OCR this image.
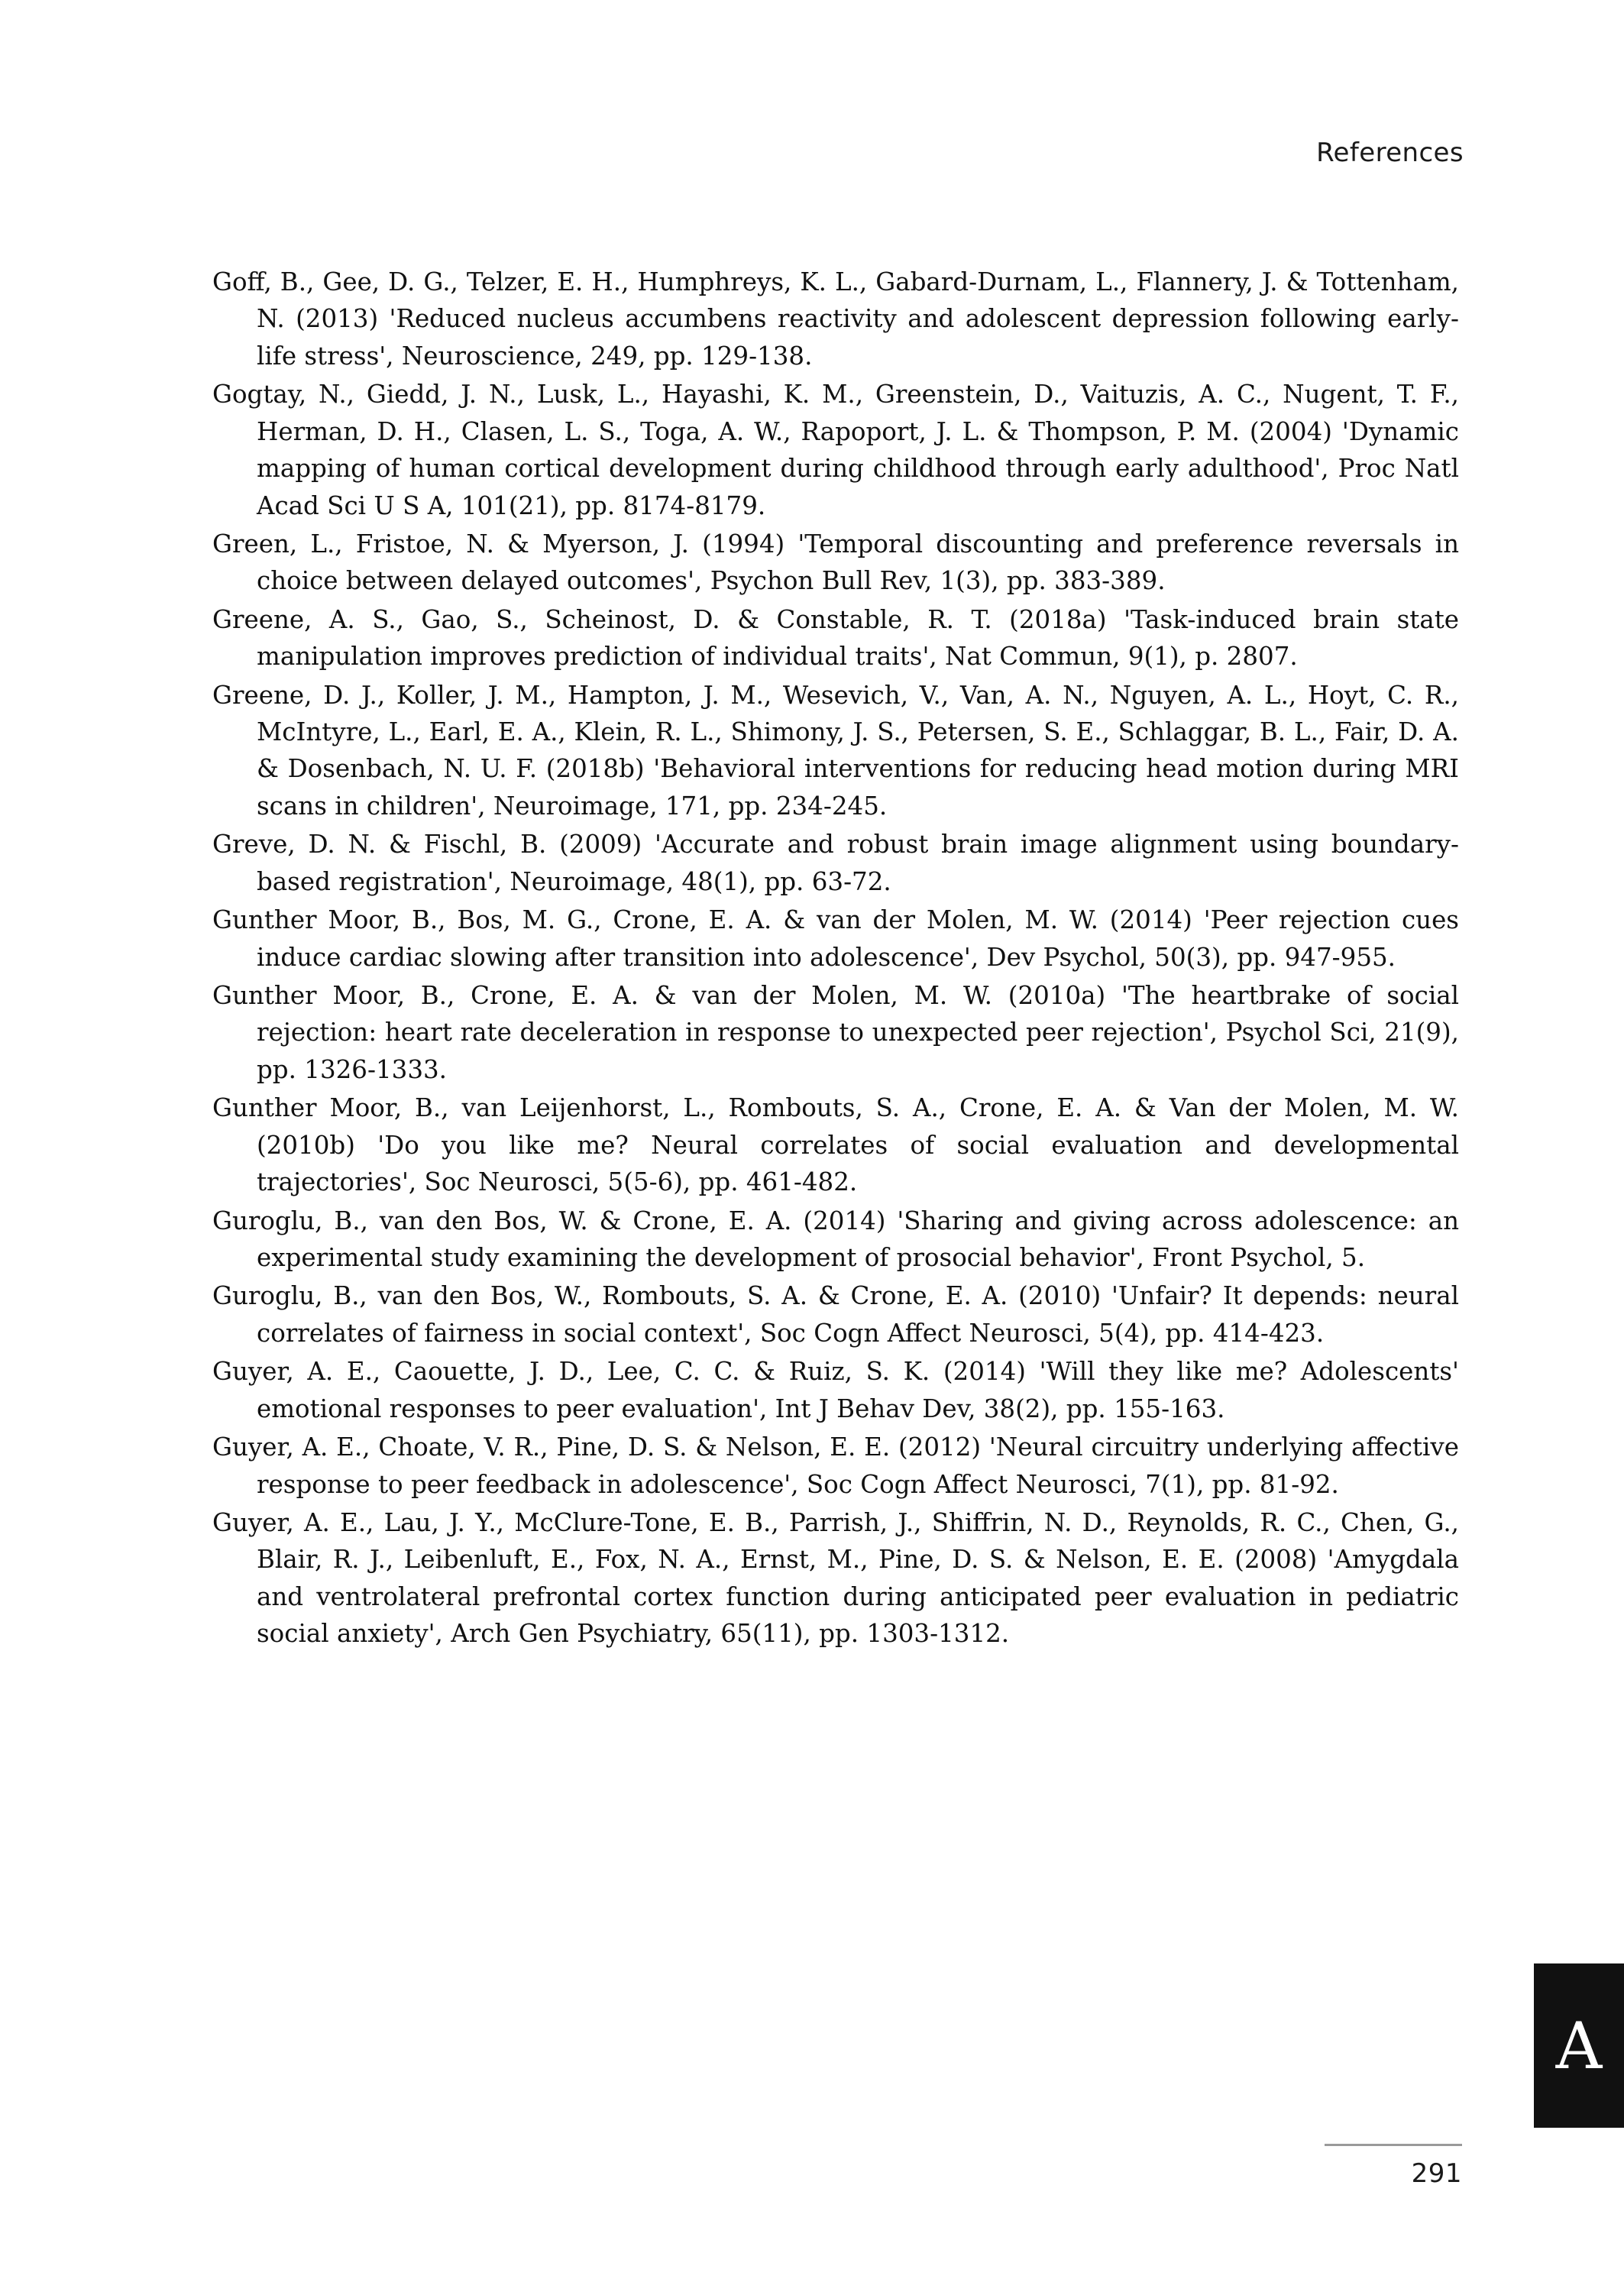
References

Goff, B., Gee, D. G., Telzer, E. H., Humphreys, K. L., Gabard-Durnam, L., Flannery, J. & Tottenham, N. (2013) 'Reduced nucleus accumbens reactivity and adolescent depression following early-life stress', Neuroscience, 249, pp. 129-138.

Gogtay, N., Giedd, J. N., Lusk, L., Hayashi, K. M., Greenstein, D., Vaituzis, A. C., Nugent, T. F., Herman, D. H., Clasen, L. S., Toga, A. W., Rapoport, J. L. & Thompson, P. M. (2004) 'Dynamic mapping of human cortical development during childhood through early adulthood', Proc Natl Acad Sci U S A, 101(21), pp. 8174-8179.

Green, L., Fristoe, N. & Myerson, J. (1994) 'Temporal discounting and preference reversals in choice between delayed outcomes', Psychon Bull Rev, 1(3), pp. 383-389.

Greene, A. S., Gao, S., Scheinost, D. & Constable, R. T. (2018a) 'Task-induced brain state manipulation improves prediction of individual traits', Nat Commun, 9(1), p. 2807.

Greene, D. J., Koller, J. M., Hampton, J. M., Wesevich, V., Van, A. N., Nguyen, A. L., Hoyt, C. R., McIntyre, L., Earl, E. A., Klein, R. L., Shimony, J. S., Petersen, S. E., Schlaggar, B. L., Fair, D. A. & Dosenbach, N. U. F. (2018b) 'Behavioral interventions for reducing head motion during MRI scans in children', Neuroimage, 171, pp. 234-245.

Greve, D. N. & Fischl, B. (2009) 'Accurate and robust brain image alignment using boundary-based registration', Neuroimage, 48(1), pp. 63-72.

Gunther Moor, B., Bos, M. G., Crone, E. A. & van der Molen, M. W. (2014) 'Peer rejection cues induce cardiac slowing after transition into adolescence', Dev Psychol, 50(3), pp. 947-955.

Gunther Moor, B., Crone, E. A. & van der Molen, M. W. (2010a) 'The heartbrake of social rejection: heart rate deceleration in response to unexpected peer rejection', Psychol Sci, 21(9), pp. 1326-1333.

Gunther Moor, B., van Leijenhorst, L., Rombouts, S. A., Crone, E. A. & Van der Molen, M. W. (2010b) 'Do you like me? Neural correlates of social evaluation and developmental trajectories', Soc Neurosci, 5(5-6), pp. 461-482.

Guroglu, B., van den Bos, W. & Crone, E. A. (2014) 'Sharing and giving across adolescence: an experimental study examining the development of prosocial behavior', Front Psychol, 5.

Guroglu, B., van den Bos, W., Rombouts, S. A. & Crone, E. A. (2010) 'Unfair? It depends: neural correlates of fairness in social context', Soc Cogn Affect Neurosci, 5(4), pp. 414-423.

Guyer, A. E., Caouette, J. D., Lee, C. C. & Ruiz, S. K. (2014) 'Will they like me? Adolescents' emotional responses to peer evaluation', Int J Behav Dev, 38(2), pp. 155-163.

Guyer, A. E., Choate, V. R., Pine, D. S. & Nelson, E. E. (2012) 'Neural circuitry underlying affective response to peer feedback in adolescence', Soc Cogn Affect Neurosci, 7(1), pp. 81-92.

Guyer, A. E., Lau, J. Y., McClure-Tone, E. B., Parrish, J., Shiffrin, N. D., Reynolds, R. C., Chen, G., Blair, R. J., Leibenluft, E., Fox, N. A., Ernst, M., Pine, D. S. & Nelson, E. E. (2008) 'Amygdala and ventrolateral prefrontal cortex function during anticipated peer evaluation in pediatric social anxiety', Arch Gen Psychiatry, 65(11), pp. 1303-1312.

A
291
